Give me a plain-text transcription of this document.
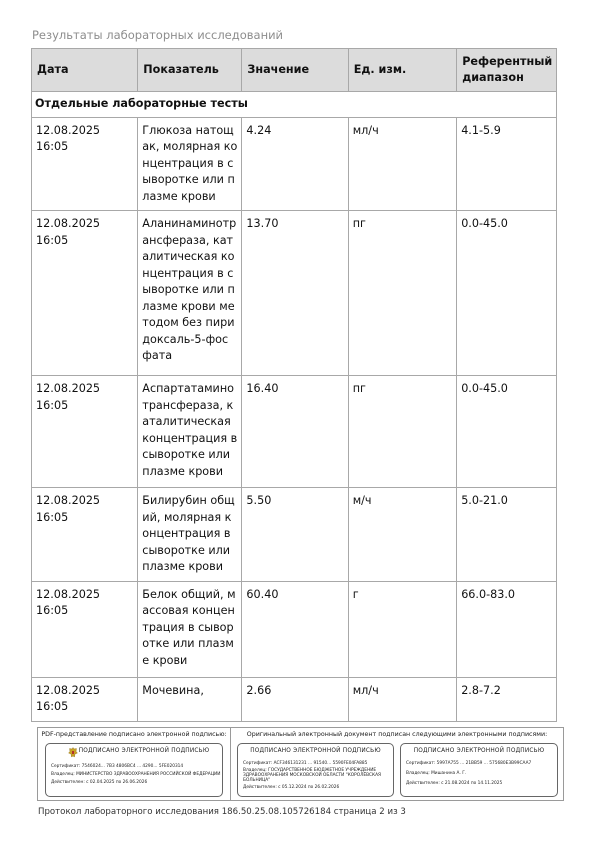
Результаты лабораторных исследований
Дата	Показатель	Значение	Ед. изм.	Референтный диапазон
Отдельные лабораторные тесты				
12.08.2025 16:05	Глюкоза натощак, молярная концентрация в сыворотке или плазме крови	4.24	мл/ч	4.1-5.9
12.08.2025 16:05	Аланинаминотрансфераза, каталитическая концентрация в сыворотке или плазме крови методом без пиридоксаль-5-фосфата	13.70	пг	0.0-45.0
12.08.2025 16:05	Аспартатаминотрансфераза, каталитическая концентрация в сыворотке или плазме крови	16.40	пг	0.0-45.0
12.08.2025 16:05	Билирубин общий, молярная концентрация в сыворотке или плазме крови	5.50	м/ч	5.0-21.0
12.08.2025 16:05	Белок общий, массовая концентрация в сыворотке или плазме крови	60.40	г	66.0-83.0
12.08.2025 16:05	Мочевина,	2.66	мл/ч	2.8-7.2
PDF-представление подписано электронной подписью:
ПОДПИСАНО ЭЛЕКТРОННОЙ ПОДПИСЬЮ
Сертификат: 7546024... 7B3 4806BC4 ... 4290... 5FE020314
Владелец: МИНИСТЕРСТВО ЗДРАВООХРАНЕНИЯ РОССИЙСКОЙ ФЕДЕРАЦИИ
Действителен: с 02.04.2025 по 26.06.2026
Оригинальный электронный документ подписан следующими электронными подписями:
ПОДПИСАНО ЭЛЕКТРОННОЙ ПОДПИСЬЮ
Сертификат: ACF346131231 ... 91540... 5590FE04FA885
Владелец: ГОСУДАРСТВЕННОЕ БЮДЖЕТНОЕ УЧРЕЖДЕНИЕ ЗДРАВООХРАНЕНИЯ МОСКОВСКОЙ ОБЛАСТИ "КОРОЛЁВСКАЯ БОЛЬНИЦА"
Действителен: с 05.12.2024 по 26.02.2026
ПОДПИСАНО ЭЛЕКТРОННОЙ ПОДПИСЬЮ
Сертификат: 5997A755 ... 21BB59 ... 575680E3B99CAA7
Владелец: Мишанина А. Г.
Действителен: с 21.08.2024 по 14.11.2025
Протокол лабораторного исследования 186.50.25.08.105726184 страница 2 из 3
